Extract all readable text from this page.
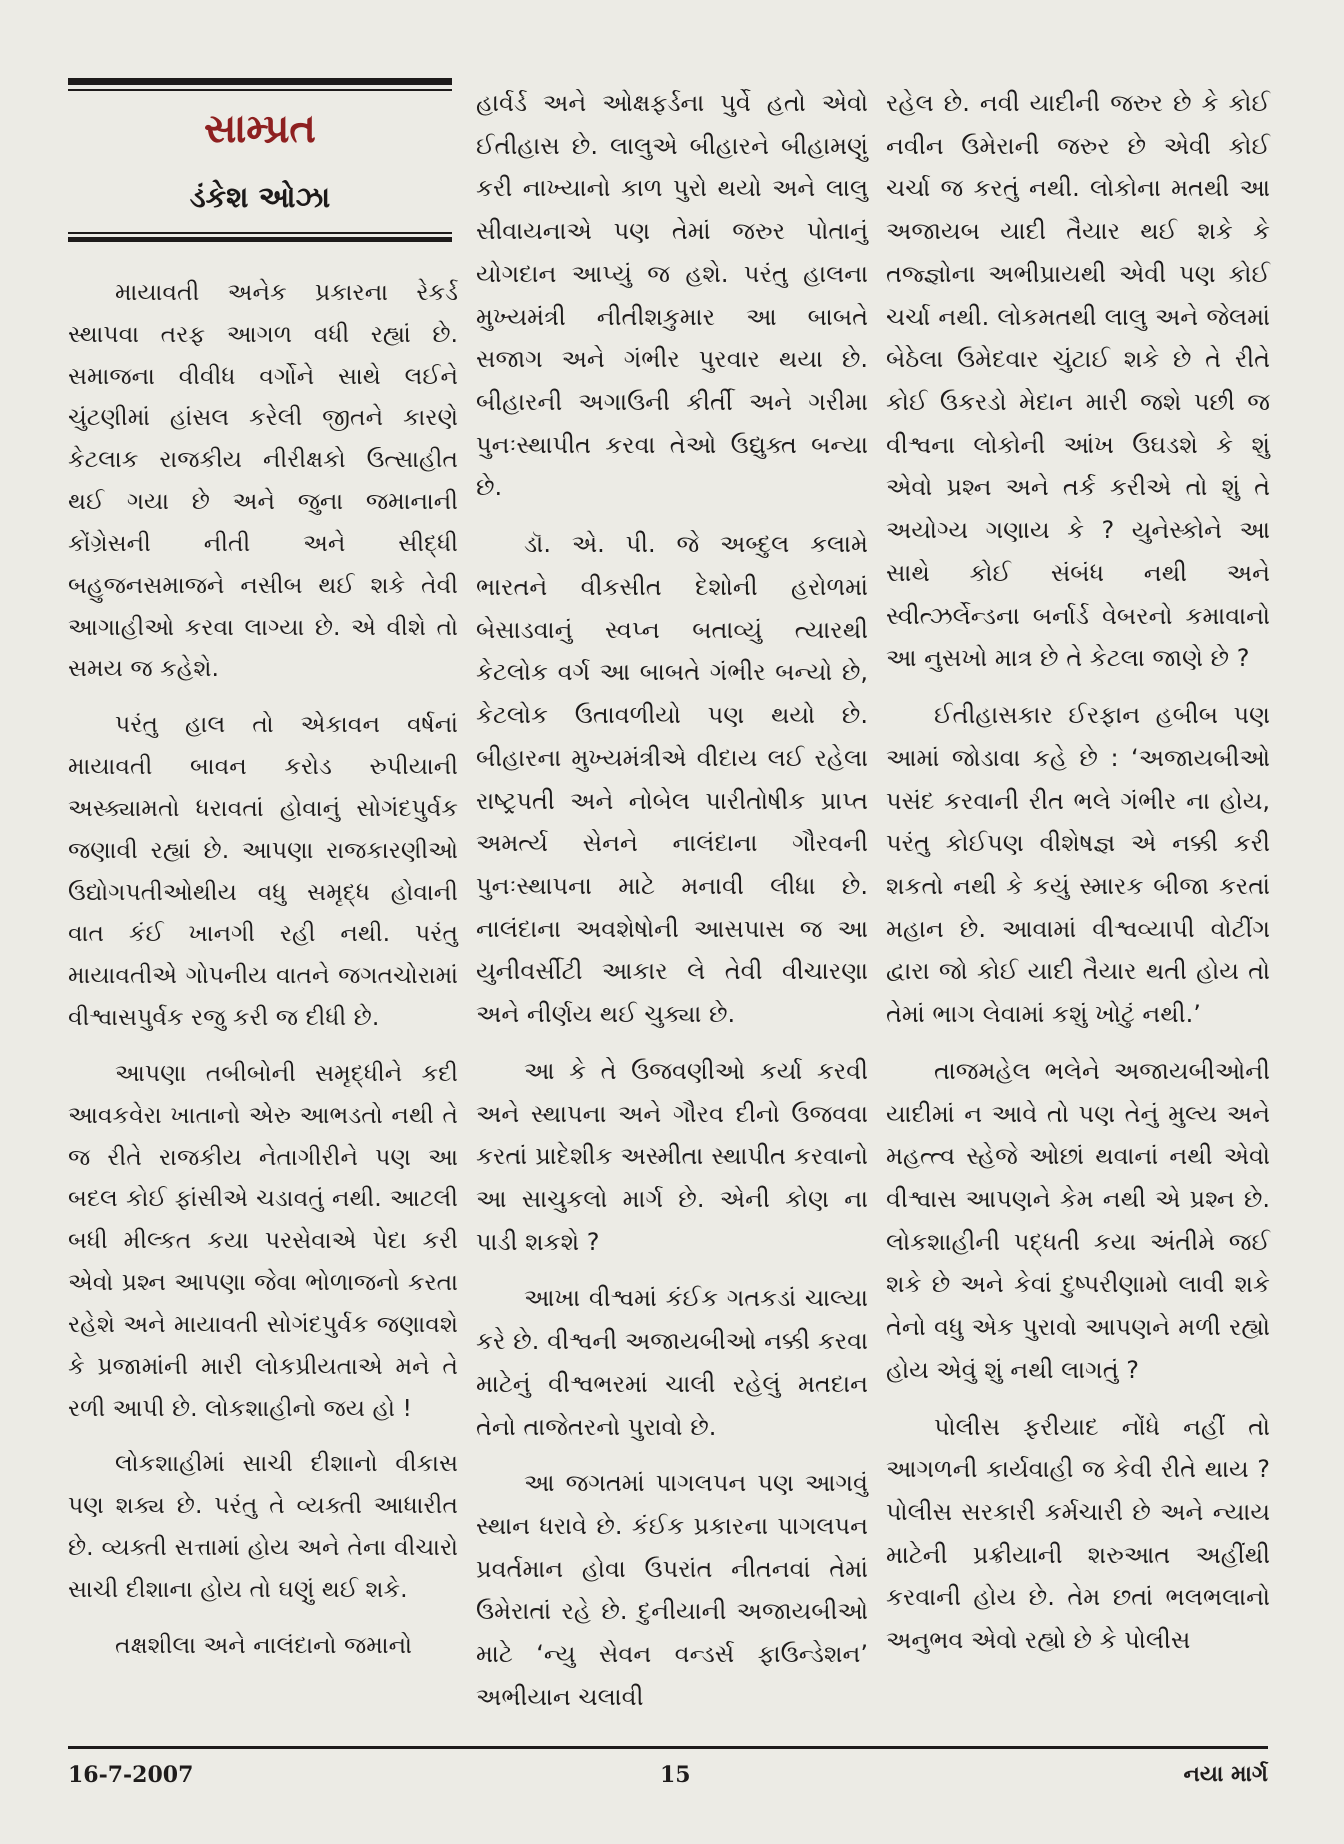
સામ્પ્રત
ડંકેશ ઓઝા

માયાવતી અનેક પ્રકારના રેકર્ડ સ્થાપવા તરફ આગળ વધી રહ્યાં છે. સમાજના વીવીધ વર્ગોને સાથે લઈને ચુંટણીમાં હાંસલ કરેલી જીતને કારણે કેટલાક રાજકીય નીરીક્ષકો ઉત્સાહીત થઈ ગયા છે અને જુના જમાનાની કોંગ્રેસની નીતી અને સીદ્ધી બહુજનસમાજને નસીબ થઈ શકે તેવી આગાહીઓ કરવા લાગ્યા છે. એ વીશે તો સમય જ કહેશે.

પરંતુ હાલ તો એકાવન વર્ષનાં માયાવતી બાવન કરોડ રુપીયાની અસ્ક્યામતો ધરાવતાં હોવાનું સોગંદપુર્વક જણાવી રહ્યાં છે. આપણા રાજકારણીઓ ઉદ્યોગપતીઓથીય વધુ સમૃદ્ધ હોવાની વાત કંઈ ખાનગી રહી નથી. પરંતુ માયાવતીએ ગોપનીય વાતને જગતચોરામાં વીશ્વાસપુર્વક રજુ કરી જ દીધી છે.

આપણા તબીબોની સમૃદ્ધીને કદી આવકવેરા ખાતાનો એરુ આભડતો નથી તે જ રીતે રાજકીય નેતાગીરીને પણ આ બદલ કોઈ ફાંસીએ ચડાવતું નથી. આટલી બધી મીલ્કત કયા પરસેવાએ પેદા કરી એવો પ્રશ્ન આપણા જેવા ભોળાજનો કરતા રહેશે અને માયાવતી સોગંદપુર્વક જણાવશે કે પ્રજામાંની મારી લોકપ્રીયતાએ મને તે રળી આપી છે. લોકશાહીનો જય હો !

લોકશાહીમાં સાચી દીશાનો વીકાસ પણ શક્ય છે. પરંતુ તે વ્યક્તી આધારીત છે. વ્યક્તી સત્તામાં હોય અને તેના વીચારો સાચી દીશાના હોય તો ઘણું થઈ શકે.

તક્ષશીલા અને નાલંદાનો જમાનો

હાર્વર્ડ અને ઓક્ષફર્ડના પુર્વે હતો એવો ઈતીહાસ છે. લાલુએ બીહારને બીહામણું કરી નાખ્યાનો કાળ પુરો થયો અને લાલુ સીવાયનાએ પણ તેમાં જરુર પોતાનું યોગદાન આપ્યું જ હશે. પરંતુ હાલના મુખ્યમંત્રી નીતીશકુમાર આ બાબતે સજાગ અને ગંભીર પુરવાર થયા છે. બીહારની અગાઉની કીર્તી અને ગરીમા પુનઃસ્થાપીત કરવા તેઓ ઉદ્યુક્ત બન્યા છે.

ડૉ. એ. પી. જે અબ્દુલ કલામે ભારતને વીકસીત દેશોની હરોળમાં બેસાડવાનું સ્વપ્ન બતાવ્યું ત્યારથી કેટલોક વર્ગ આ બાબતે ગંભીર બન્યો છે, કેટલોક ઉતાવળીયો પણ થયો છે. બીહારના મુખ્યમંત્રીએ વીદાય લઈ રહેલા રાષ્ટ્રપતી અને નોબેલ પારીતોષીક પ્રાપ્ત અમર્ત્ય સેનને નાલંદાના ગૌરવની પુનઃસ્થાપના માટે મનાવી લીધા છે. નાલંદાના અવશેષોની આસપાસ જ આ યુનીવર્સીટી આકાર લે તેવી વીચારણા અને નીર્ણય થઈ ચુક્યા છે.

આ કે તે ઉજવણીઓ કર્યા કરવી અને સ્થાપના અને ગૌરવ દીનો ઉજવવા કરતાં પ્રાદેશીક અસ્મીતા સ્થાપીત કરવાનો આ સાચુકલો માર્ગ છે. એની કોણ ના પાડી શકશે ?

આખા વીશ્વમાં કંઈક ગતકડાં ચાલ્યા કરે છે. વીશ્વની અજાયબીઓ નક્કી કરવા માટેનું વીશ્વભરમાં ચાલી રહેલું મતદાન તેનો તાજેતરનો પુરાવો છે.

આ જગતમાં પાગલપન પણ આગવું સ્થાન ધરાવે છે. કંઈક પ્રકારના પાગલપન પ્રવર્તમાન હોવા ઉપરાંત નીતનવાં તેમાં ઉમેરાતાં રહે છે. દુનીયાની અજાયબીઓ માટે ‘ન્યુ સેવન વન્ડર્સ ફાઉન્ડેશન’ અભીયાન ચલાવી

રહેલ છે. નવી યાદીની જરુર છે કે કોઈ નવીન ઉમેરાની જરુર છે એવી કોઈ ચર્ચા જ કરતું નથી. લોકોના મતથી આ અજાયબ યાદી તૈયાર થઈ શકે કે તજ્જ્ઞોના અભીપ્રાયથી એવી પણ કોઈ ચર્ચા નથી. લોકમતથી લાલુ અને જેલમાં બેઠેલા ઉમેદવાર ચુંટાઈ શકે છે તે રીતે કોઈ ઉકરડો મેદાન મારી જશે પછી જ વીશ્વના લોકોની આંખ ઉઘડશે કે શું એવો પ્રશ્ન અને તર્ક કરીએ તો શું તે અયોગ્ય ગણાય કે ? યુનેસ્કોને આ સાથે કોઈ સંબંધ નથી અને સ્વીત્ઝર્લેન્ડના બર્નાર્ડ વેબરનો કમાવાનો આ નુસખો માત્ર છે તે કેટલા જાણે છે ?

ઈતીહાસકાર ઈરફાન હબીબ પણ આમાં જોડાવા કહે છે : ‘અજાયબીઓ પસંદ કરવાની રીત ભલે ગંભીર ના હોય, પરંતુ કોઈપણ વીશેષજ્ઞ એ નક્કી કરી શકતો નથી કે કયું સ્મારક બીજા કરતાં મહાન છે. આવામાં વીશ્વવ્યાપી વોટીંગ દ્વારા જો કોઈ યાદી તૈયાર થતી હોય તો તેમાં ભાગ લેવામાં કશું ખોટું નથી.’

તાજમહેલ ભલેને અજાયબીઓની યાદીમાં ન આવે તો પણ તેનું મુલ્ય અને મહત્ત્વ સ્હેજે ઓછાં થવાનાં નથી એવો વીશ્વાસ આપણને કેમ નથી એ પ્રશ્ન છે. લોકશાહીની પદ્ધતી કયા અંતીમે જઈ શકે છે અને કેવાં દુષ્પરીણામો લાવી શકે તેનો વધુ એક પુરાવો આપણને મળી રહ્યો હોય એવું શું નથી લાગતું ?

પોલીસ ફરીયાદ નોંધે નહીં તો આગળની કાર્યવાહી જ કેવી રીતે થાય ? પોલીસ સરકારી કર્મચારી છે અને ન્યાય માટેની પ્રક્રીયાની શરુઆત અહીંથી કરવાની હોય છે. તેમ છતાં ભલભલાનો અનુભવ એવો રહ્યો છે કે પોલીસ

16-7-2007	15	નયા માર્ગ
